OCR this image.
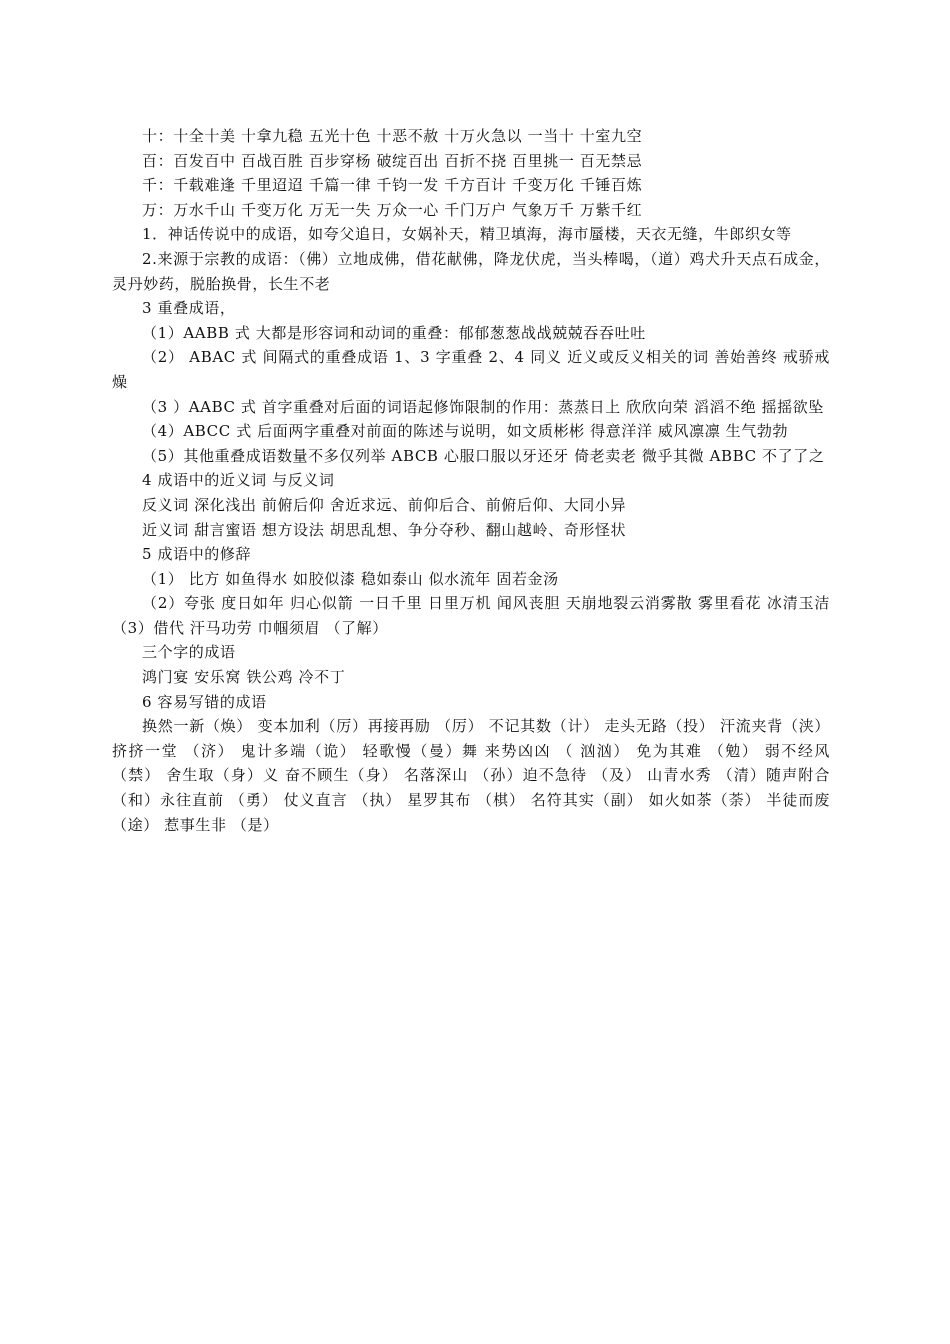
十：十全十美 十拿九稳 五光十色 十恶不赦 十万火急以 一当十 十室九空

百：百发百中 百战百胜 百步穿杨 破绽百出 百折不挠 百里挑一 百无禁忌

千：千载难逢 千里迢迢 千篇一律 千钧一发 千方百计 千变万化 千锤百炼

万：万水千山 千变万化 万无一失 万众一心 千门万户 气象万千 万紫千红

1．神话传说中的成语，如夸父追日，女娲补天，精卫填海，海市蜃楼，天衣无缝，牛郎织女等

2.来源于宗教的成语：（佛）立地成佛，借花献佛，降龙伏虎，当头棒喝，（道）鸡犬升天点石成金，灵丹妙药，脱胎换骨，长生不老

3 重叠成语，

（1）AABB 式 大都是形容词和动词的重叠：郁郁葱葱战战兢兢吞吞吐吐

（2） ABAC 式 间隔式的重叠成语 1、3 字重叠 2、4 同义 近义或反义相关的词 善始善终 戒骄戒燥

（3 ）AABC 式 首字重叠对后面的词语起修饰限制的作用：蒸蒸日上 欣欣向荣 滔滔不绝 摇摇欲坠

（4）ABCC 式 后面两字重叠对前面的陈述与说明，如文质彬彬 得意洋洋 威风凛凛 生气勃勃

（5）其他重叠成语数量不多仅列举 ABCB 心服口服以牙还牙 倚老卖老 微乎其微 ABBC 不了了之

4 成语中的近义词 与反义词

反义词 深化浅出 前俯后仰 舍近求远、前仰后合、前俯后仰、大同小异

近义词 甜言蜜语 想方设法 胡思乱想、争分夺秒、翻山越岭、奇形怪状

5 成语中的修辞

（1） 比方 如鱼得水 如胶似漆 稳如泰山 似水流年 固若金汤

（2）夸张 度日如年 归心似箭 一日千里 日里万机 闻风丧胆 天崩地裂云消雾散 雾里看花 冰清玉洁 （3）借代 汗马功劳 巾帼须眉 （了解）

三个字的成语

鸿门宴 安乐窝 铁公鸡 冷不丁

6 容易写错的成语

换然一新（焕） 变本加利（厉）再接再励 （厉） 不记其数（计） 走头无路（投） 汗流夹背（浃） 挤挤一堂 （济） 鬼计多端（诡） 轻歌慢（曼）舞 来势凶凶 （ 汹汹） 免为其难 （勉） 弱不经风 （禁） 舍生取（身）义 奋不顾生（身） 名落深山 （孙）迫不急待 （及） 山青水秀 （清）随声附合（和）永往直前 （勇） 仗义直言 （执） 星罗其布 （棋） 名符其实（副） 如火如茶（荼） 半徒而废（途） 惹事生非 （是）
